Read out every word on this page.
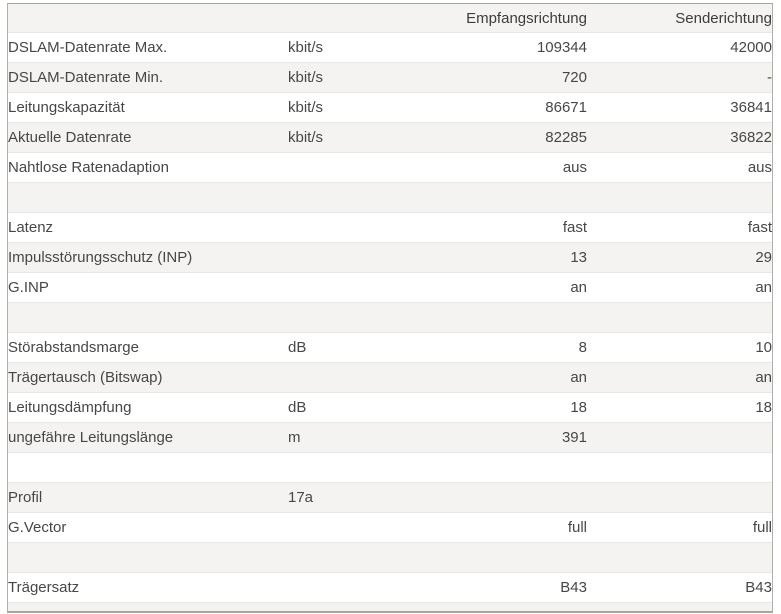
		Empfangsrichtung	Senderichtung
DSLAM-Datenrate Max.	kbit/s	109344	42000
DSLAM-Datenrate Min.	kbit/s	720	-
Leitungskapazität	kbit/s	86671	36841
Aktuelle Datenrate	kbit/s	82285	36822
Nahtlose Ratenadaption		aus	aus

Latenz		fast	fast
Impulsstörungsschutz (INP)		13	29
G.INP		an	an

Störabstandsmarge	dB	8	10
Trägertausch (Bitswap)		an	an
Leitungsdämpfung	dB	18	18
ungefähre Leitungslänge	m	391	

Profil	17a		
G.Vector		full	full

Trägersatz		B43	B43
